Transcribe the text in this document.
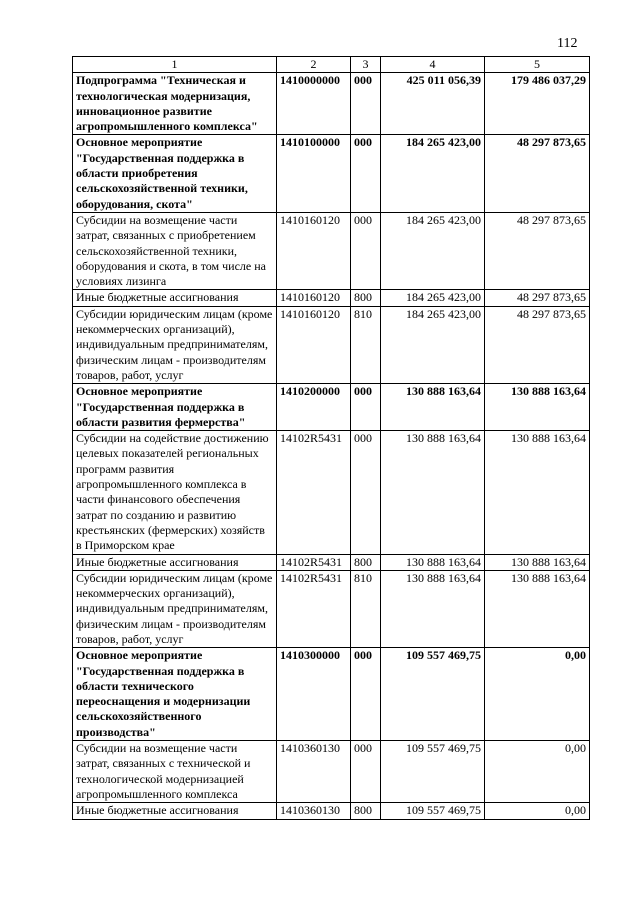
112
1	2	3	4	5
Подпрограмма "Техническая и технологическая модернизация, инновационное развитие агропромышленного комплекса"	1410000000	000	425 011 056,39	179 486 037,29
Основное мероприятие "Государственная поддержка в области приобретения сельскохозяйственной техники, оборудования, скота"	1410100000	000	184 265 423,00	48 297 873,65
Субсидии на возмещение части затрат, связанных с приобретением сельскохозяйственной техники, оборудования и скота, в том числе на условиях лизинга	1410160120	000	184 265 423,00	48 297 873,65
Иные бюджетные ассигнования	1410160120	800	184 265 423,00	48 297 873,65
Субсидии юридическим лицам (кроме некоммерческих организаций), индивидуальным предпринимателям, физическим лицам - производителям товаров, работ, услуг	1410160120	810	184 265 423,00	48 297 873,65
Основное мероприятие "Государственная поддержка в области развития фермерства"	1410200000	000	130 888 163,64	130 888 163,64
Субсидии на содействие достижению целевых показателей региональных программ развития агропромышленного комплекса в части финансового обеспечения затрат по созданию и развитию крестьянских (фермерских) хозяйств в Приморском крае	14102R5431	000	130 888 163,64	130 888 163,64
Иные бюджетные ассигнования	14102R5431	800	130 888 163,64	130 888 163,64
Субсидии юридическим лицам (кроме некоммерческих организаций), индивидуальным предпринимателям, физическим лицам - производителям товаров, работ, услуг	14102R5431	810	130 888 163,64	130 888 163,64
Основное мероприятие "Государственная поддержка в области технического переоснащения и модернизации сельскохозяйственного производства"	1410300000	000	109 557 469,75	0,00
Субсидии на возмещение части затрат, связанных с технической и технологической модернизацией агропромышленного комплекса	1410360130	000	109 557 469,75	0,00
Иные бюджетные ассигнования	1410360130	800	109 557 469,75	0,00
